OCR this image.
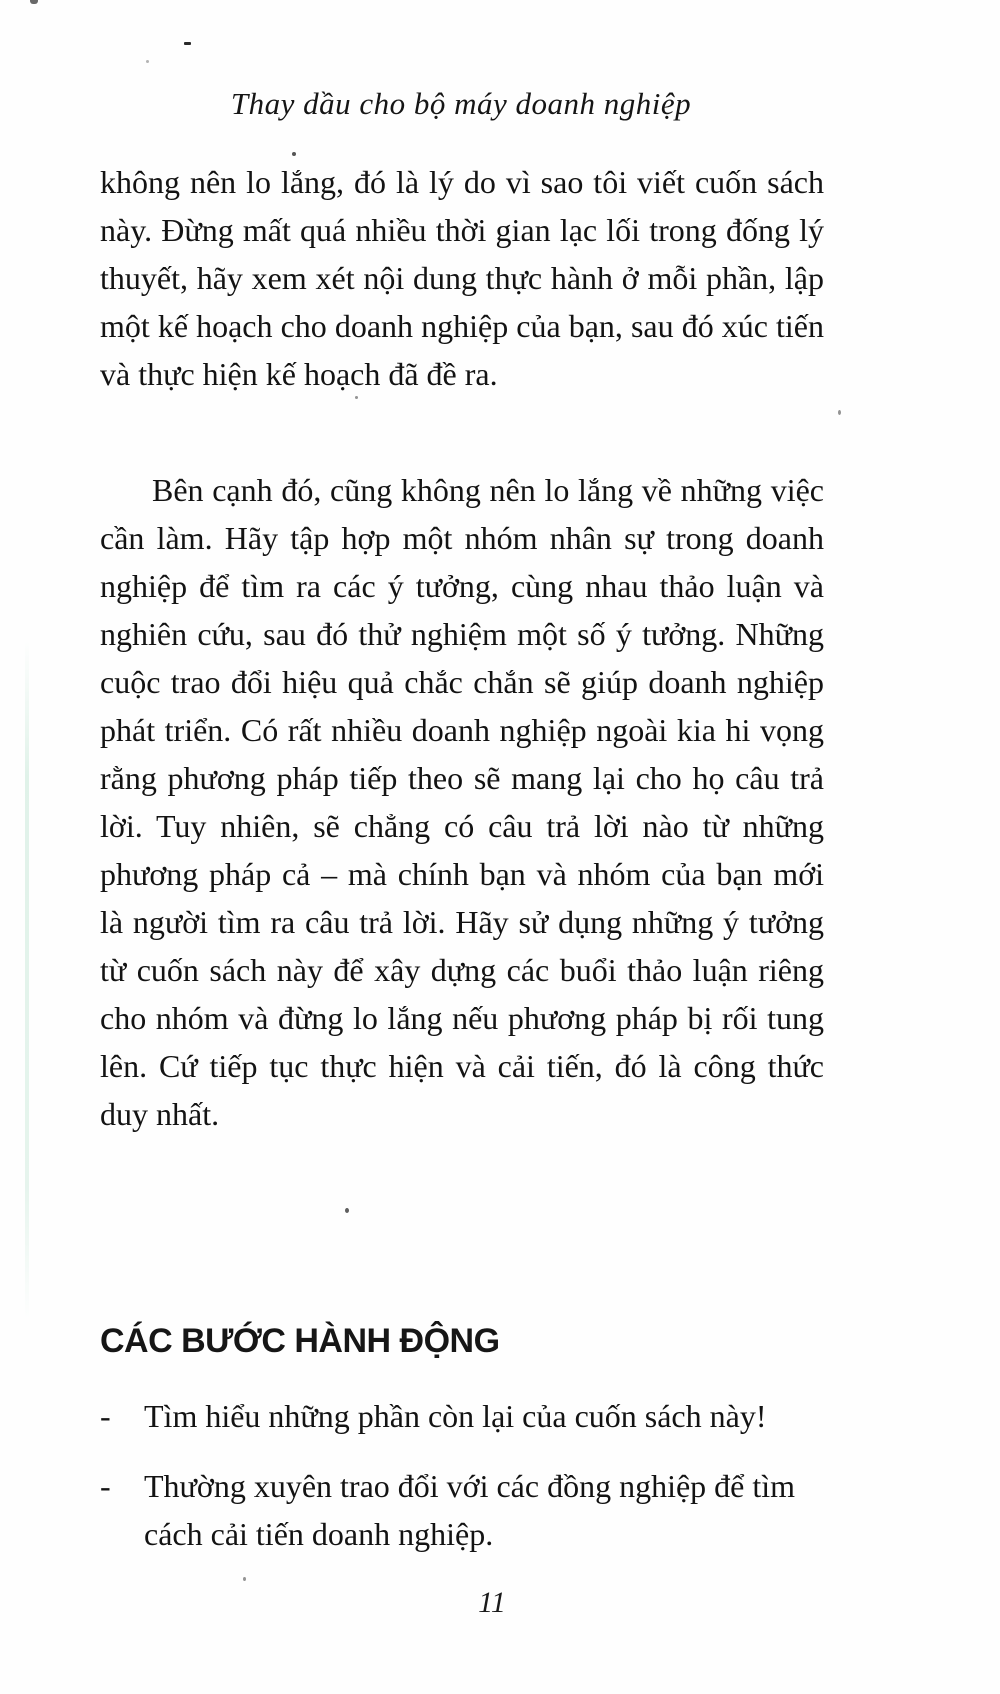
Thay dầu cho bộ máy doanh nghiệp
không nên lo lắng, đó là lý do vì sao tôi viết cuốn sách này. Đừng mất quá nhiều thời gian lạc lối trong đống lý thuyết, hãy xem xét nội dung thực hành ở mỗi phần, lập một kế hoạch cho doanh nghiệp của bạn, sau đó xúc tiến và thực hiện kế hoạch đã đề ra.
Bên cạnh đó, cũng không nên lo lắng về những việc cần làm. Hãy tập hợp một nhóm nhân sự trong doanh nghiệp để tìm ra các ý tưởng, cùng nhau thảo luận và nghiên cứu, sau đó thử nghiệm một số ý tưởng. Những cuộc trao đổi hiệu quả chắc chắn sẽ giúp doanh nghiệp phát triển. Có rất nhiều doanh nghiệp ngoài kia hi vọng rằng phương pháp tiếp theo sẽ mang lại cho họ câu trả lời. Tuy nhiên, sẽ chẳng có câu trả lời nào từ những phương pháp cả – mà chính bạn và nhóm của bạn mới là người tìm ra câu trả lời. Hãy sử dụng những ý tưởng từ cuốn sách này để xây dựng các buổi thảo luận riêng cho nhóm và đừng lo lắng nếu phương pháp bị rối tung lên. Cứ tiếp tục thực hiện và cải tiến, đó là công thức duy nhất.
CÁC BƯỚC HÀNH ĐỘNG
-	Tìm hiểu những phần còn lại của cuốn sách này!
-	Thường xuyên trao đổi với các đồng nghiệp để tìm cách cải tiến doanh nghiệp.
11
